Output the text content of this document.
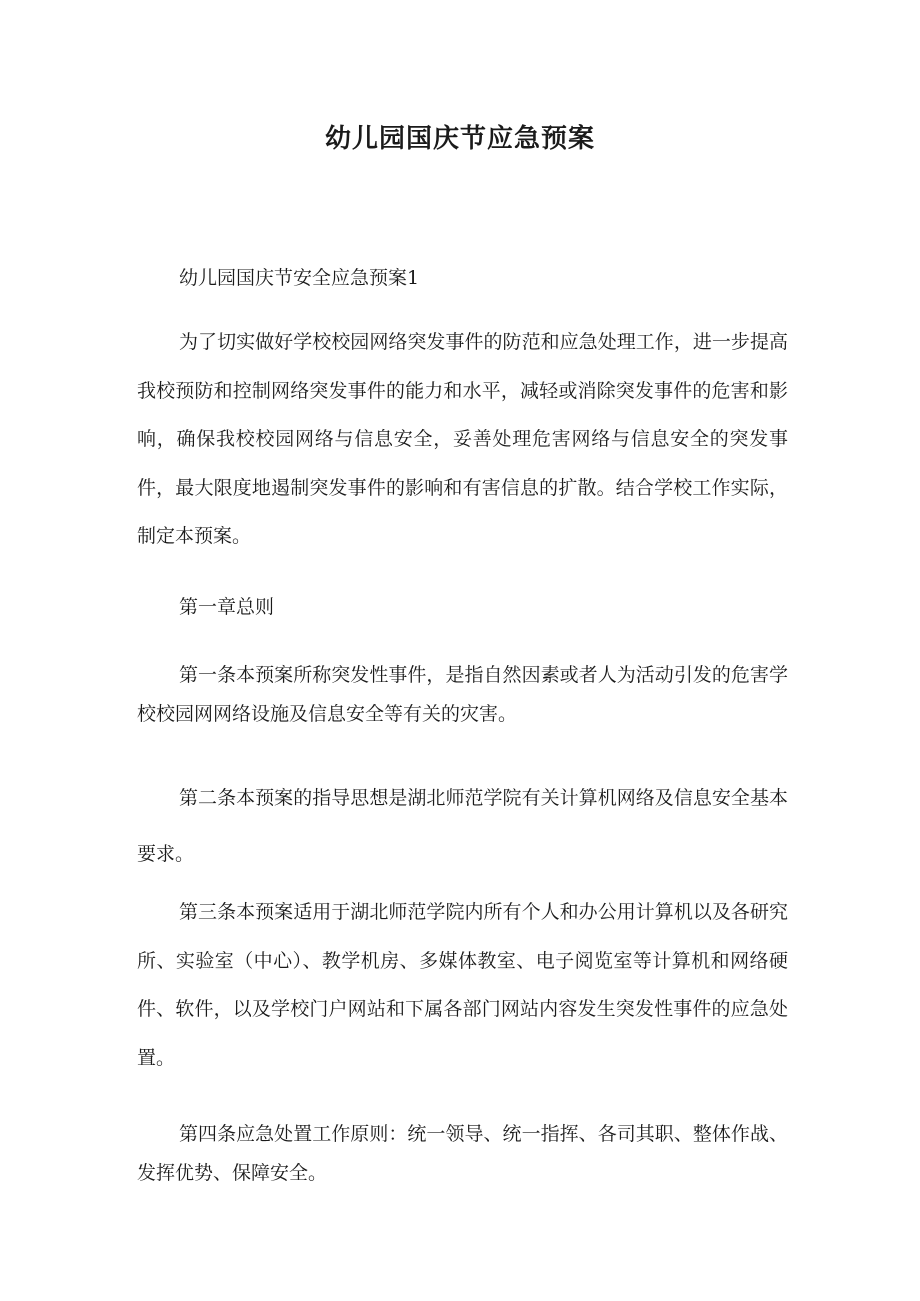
幼儿园国庆节应急预案

幼儿园国庆节安全应急预案1

为了切实做好学校校园网络突发事件的防范和应急处理工作，进一步提高我校预防和控制网络突发事件的能力和水平，减轻或消除突发事件的危害和影响，确保我校校园网络与信息安全，妥善处理危害网络与信息安全的突发事件，最大限度地遏制突发事件的影响和有害信息的扩散。结合学校工作实际，制定本预案。

第一章总则

第一条本预案所称突发性事件，是指自然因素或者人为活动引发的危害学校校园网网络设施及信息安全等有关的灾害。

第二条本预案的指导思想是湖北师范学院有关计算机网络及信息安全基本要求。

第三条本预案适用于湖北师范学院内所有个人和办公用计算机以及各研究所、实验室（中心）、教学机房、多媒体教室、电子阅览室等计算机和网络硬件、软件，以及学校门户网站和下属各部门网站内容发生突发性事件的应急处置。

第四条应急处置工作原则：统一领导、统一指挥、各司其职、整体作战、发挥优势、保障安全。
